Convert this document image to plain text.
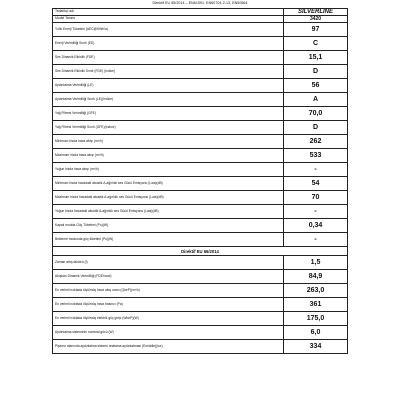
Direktif EU 65/2014 – EN61591, EN60704-2-13, EN50564
Tedarikçi adı	SILVERLINE
Model Tanımı	3420
Yıllık Enerji Tüketimi (AEC@KWh/a)	97
Enerji Verimliliği Sınıfı (EE)	C
Ses Dinamik Etkinlik (FDE)	15,1
Ses Dinamik Etkinlik Sınıfı (FDE) (Indice)	D
Aydınlatma Verimliliği (LE)	56
Aydınlatma Verimliliği Sınıfı (LE)(Indice)	A
Yağ Filtresi Verimliliği (GFE)	70,0
Yağ Filtresi Verimliliği Sınıfı (GFE)(Indice)	D
Minimum hizda hava akışı (m³/h)	262
Maximum hizda hava akışı (m³/h)	533
Yoğun hizda hava akışı (m³/h)	-
Minimum hizda havadaki akustik A-ağırlıklı ses Gücü Emisyonu (Lwa)(dB)	54
Maximum hizda havadaki akustik A-ağırlıklı ses Gücü Emisyonu (Lwa)(dB)	70
Yoğun hizda havadaki akustik A-ağırlıklı ses Gücü Emisyonu (Lwa)(dB)	-
Kapalı modda Güç Tüketimi (Po)(W)	0,34
Bekleme modunda güç tüketimi (Ps)(W)	-
Direktif EU 66/2014	
Zaman artış faktörü (f)	1,5
Akışkan Dinamik Verimliliği (FDEhood)	84,9
En verimli noktada ölçülmüş hava akış oranı (QbeP)(m³/h)	263,0
En verimli noktada ölçülmüş hava basıncı (Pa)	361
En verimli noktada ölçülmüş elektrik güç girişi (WbeP)(W)	175,0
Aydınlatma sisteminin nominal gücü (W)	6,0
Pişirme alanında aydınlatma sistemi ortalama aydınlatması (Emiddle)(lux)	334
